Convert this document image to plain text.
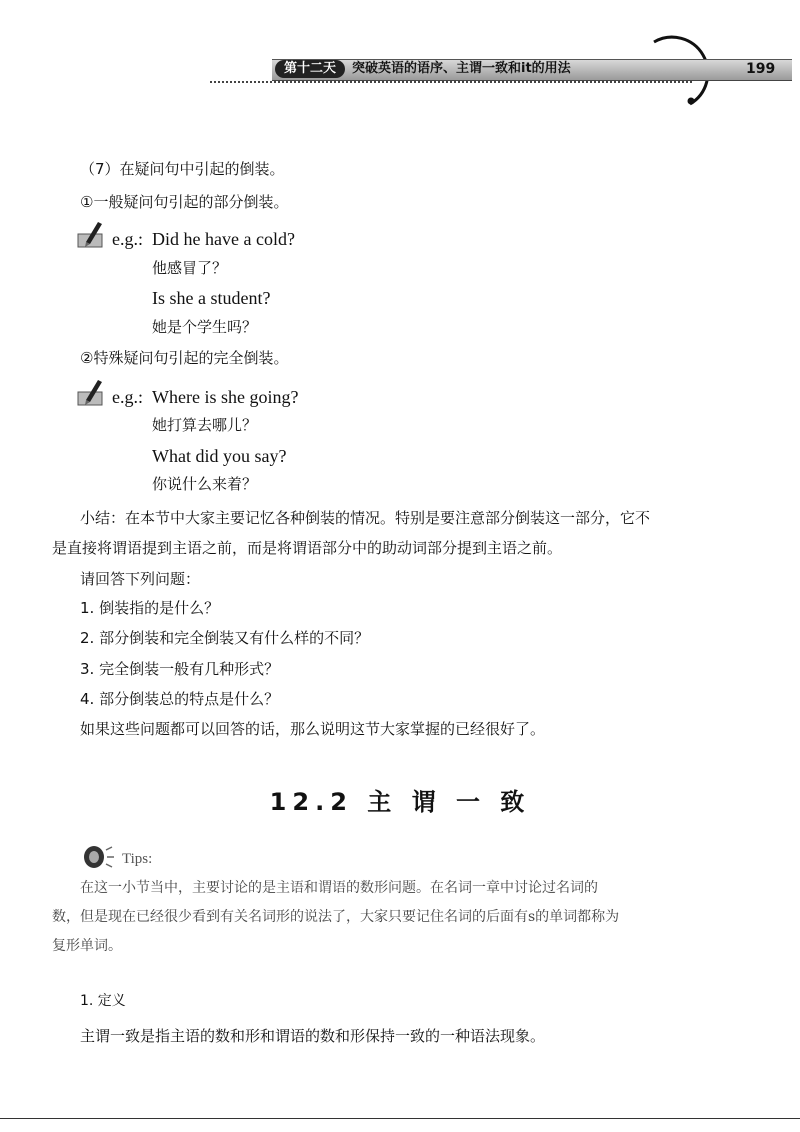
第十二天	突破英语的语序、主谓一致和it的用法	199
（7）在疑问句中引起的倒装。
①一般疑问句引起的部分倒装。
e.g.: Did he have a cold?
他感冒了？
Is she a student?
她是个学生吗？
②特殊疑问句引起的完全倒装。
e.g.: Where is she going?
她打算去哪儿？
What did you say?
你说什么来着？
小结：在本节中大家主要记忆各种倒装的情况。特别是要注意部分倒装这一部分，它不
是直接将谓语提到主语之前，而是将谓语部分中的助动词部分提到主语之前。
请回答下列问题：
1. 倒装指的是什么？
2. 部分倒装和完全倒装又有什么样的不同？
3. 完全倒装一般有几种形式？
4. 部分倒装总的特点是什么？
如果这些问题都可以回答的话，那么说明这节大家掌握的已经很好了。
12.2 主 谓 一 致
Tips:
在这一小节当中，主要讨论的是主语和谓语的数形问题。在名词一章中讨论过名词的
数，但是现在已经很少看到有关名词形的说法了，大家只要记住名词的后面有s的单词都称为
复形单词。
1. 定义
主谓一致是指主语的数和形和谓语的数和形保持一致的一种语法现象。
